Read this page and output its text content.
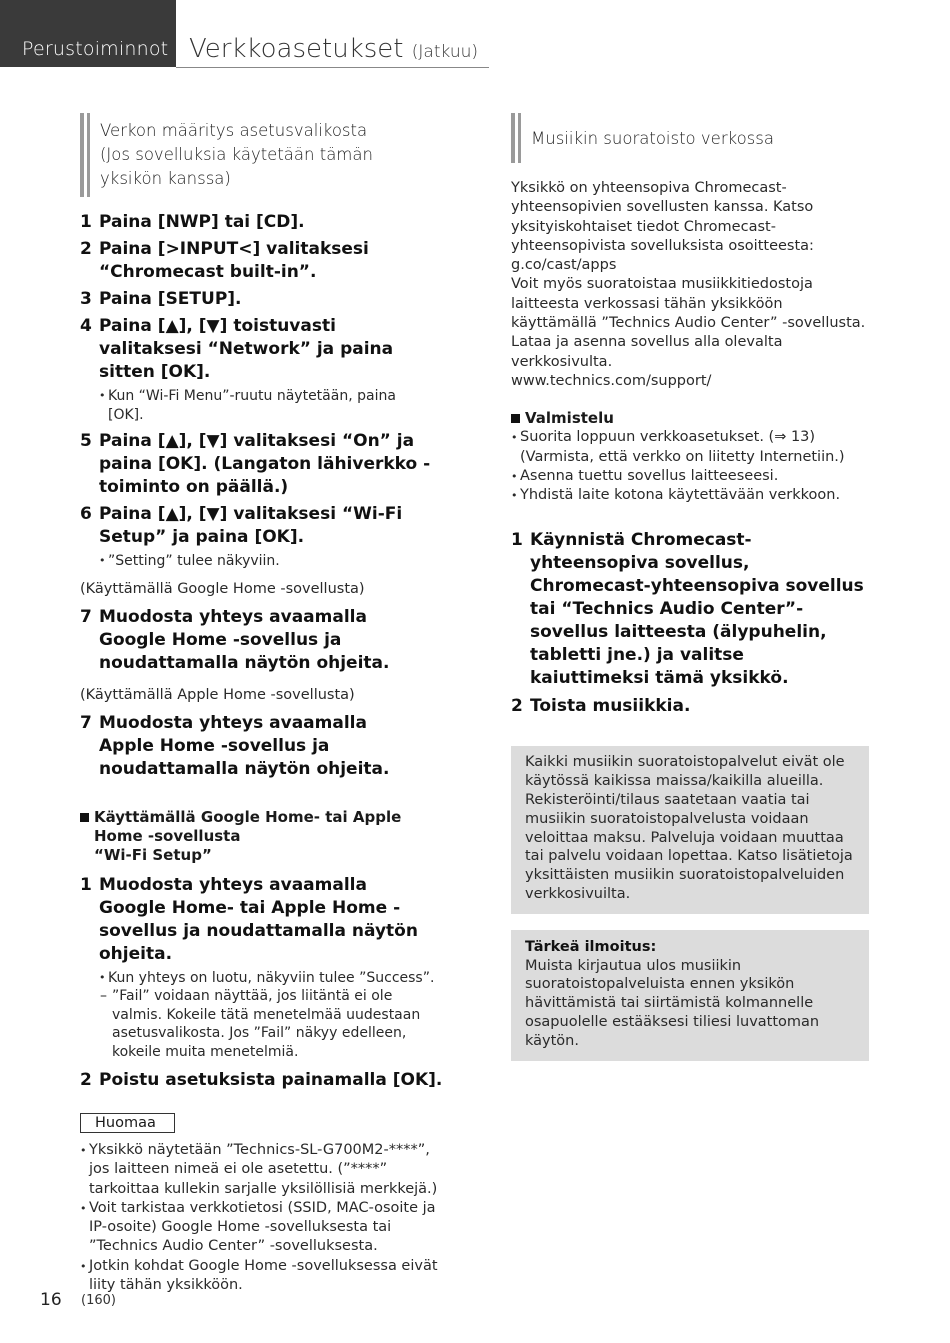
Perustoiminnot Verkkoasetukset (Jatkuu)
Verkon määritys asetusvalikosta (Jos sovelluksia käytetään tämän yksikön kanssa)
1 Paina [NWP] tai [CD].
2 Paina [>INPUT<] valitaksesi “Chromecast built-in”.
3 Paina [SETUP].
4 Paina [▲], [▼] toistuvasti valitaksesi “Network” ja paina sitten [OK].
• Kun “Wi-Fi Menu”-ruutu näytetään, paina [OK].
5 Paina [▲], [▼] valitaksesi “On” ja paina [OK]. (Langaton lähiverkko -toiminto on päällä.)
6 Paina [▲], [▼] valitaksesi “Wi-Fi Setup” ja paina [OK].
• ”Setting” tulee näkyviin.
(Käyttämällä Google Home -sovellusta)
7 Muodosta yhteys avaamalla Google Home -sovellus ja noudattamalla näytön ohjeita.
(Käyttämällä Apple Home -sovellusta)
7 Muodosta yhteys avaamalla Apple Home -sovellus ja noudattamalla näytön ohjeita.
Käyttämällä Google Home- tai Apple Home -sovellusta
“Wi-Fi Setup”
1 Muodosta yhteys avaamalla Google Home- tai Apple Home -sovellus ja noudattamalla näytön ohjeita.
• Kun yhteys on luotu, näkyviin tulee ”Success”.
– ”Fail” voidaan näyttää, jos liitäntä ei ole valmis. Kokeile tätä menetelmää uudestaan asetusvalikosta. Jos ”Fail” näkyy edelleen, kokeile muita menetelmiä.
2 Poistu asetuksista painamalla [OK].
Huomaa
• Yksikkö näytetään ”Technics-SL-G700M2-****”, jos laitteen nimeä ei ole asetettu. (”****” tarkoittaa kullekin sarjalle yksilöllisiä merkkejä.)
• Voit tarkistaa verkkotietosi (SSID, MAC-osoite ja IP-osoite) Google Home -sovelluksesta tai ”Technics Audio Center” -sovelluksesta.
• Jotkin kohdat Google Home -sovelluksessa eivät liity tähän yksikköön.
Musiikin suoratoisto verkossa
Yksikkö on yhteensopiva Chromecast-yhteensopivien sovellusten kanssa. Katso yksityiskohtaiset tiedot Chromecast-yhteensopivista sovelluksista osoitteesta:
g.co/cast/apps
Voit myös suoratoistaa musiikkitiedostoja laitteesta verkossasi tähän yksikköön käyttämällä ”Technics Audio Center” -sovellusta. Lataa ja asenna sovellus alla olevalta verkkosivulta.
www.technics.com/support/
Valmistelu
• Suorita loppuun verkkoasetukset. (⇒ 13) (Varmista, että verkko on liitetty Internetiin.)
• Asenna tuettu sovellus laitteeseesi.
• Yhdistä laite kotona käytettävään verkkoon.
1 Käynnistä Chromecast-yhteensopiva sovellus, Chromecast-yhteensopiva sovellus tai “Technics Audio Center”-sovellus laitteesta (älypuhelin, tabletti jne.) ja valitse kaiuttimeksi tämä yksikkö.
2 Toista musiikkia.
Kaikki musiikin suoratoistopalvelut eivät ole käytössä kaikissa maissa/kaikilla alueilla. Rekisteröinti/tilaus saatetaan vaatia tai musiikin suoratoistopalvelusta voidaan veloittaa maksu. Palveluja voidaan muuttaa tai palvelu voidaan lopettaa. Katso lisätietoja yksittäisten musiikin suoratoistopalveluiden verkkosivuilta.
Tärkeä ilmoitus:
Muista kirjautua ulos musiikin suoratoistopalveluista ennen yksikön hävittämistä tai siirtämistä kolmannelle osapuolelle estääksesi tiliesi luvattoman käytön.
16 (160)
